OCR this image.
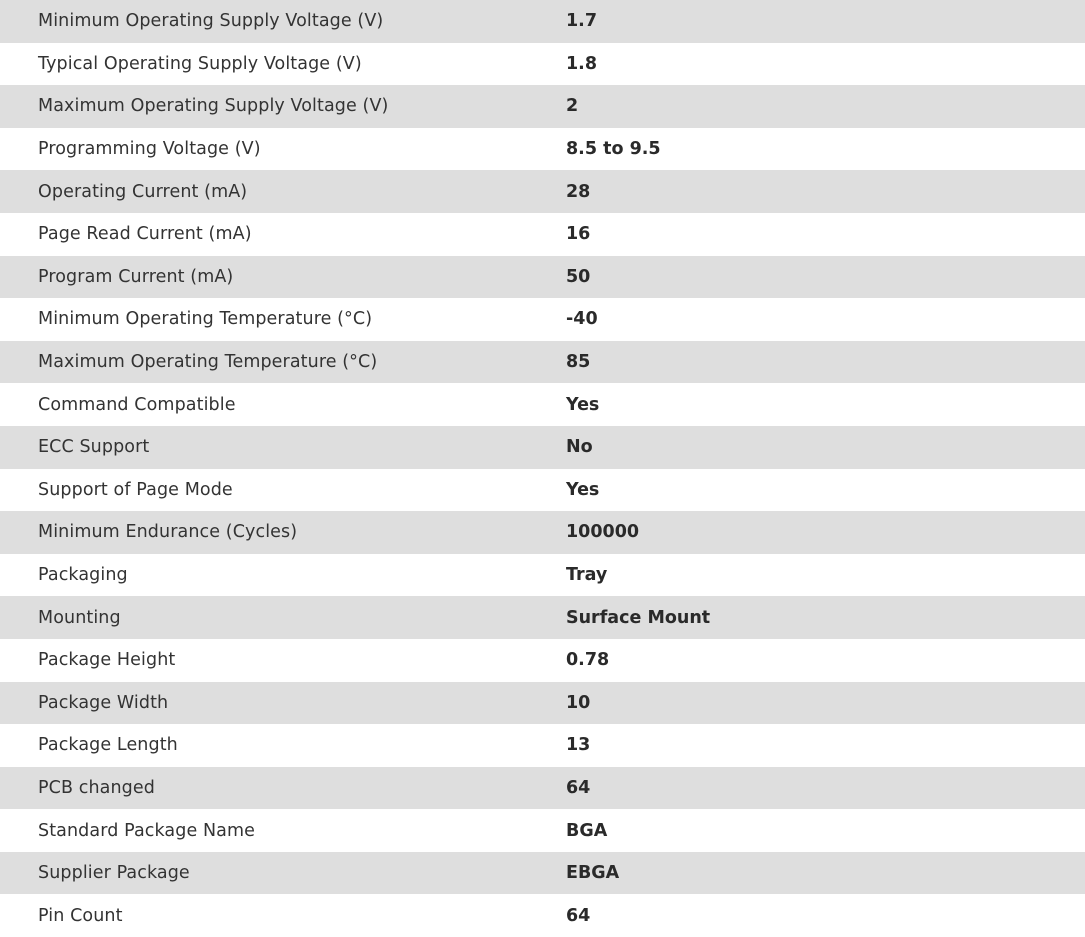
Minimum Operating Supply Voltage (V)	1.7
Typical Operating Supply Voltage (V)	1.8
Maximum Operating Supply Voltage (V)	2
Programming Voltage (V)	8.5 to 9.5
Operating Current (mA)	28
Page Read Current (mA)	16
Program Current (mA)	50
Minimum Operating Temperature (°C)	-40
Maximum Operating Temperature (°C)	85
Command Compatible	Yes
ECC Support	No
Support of Page Mode	Yes
Minimum Endurance (Cycles)	100000
Packaging	Tray
Mounting	Surface Mount
Package Height	0.78
Package Width	10
Package Length	13
PCB changed	64
Standard Package Name	BGA
Supplier Package	EBGA
Pin Count	64
